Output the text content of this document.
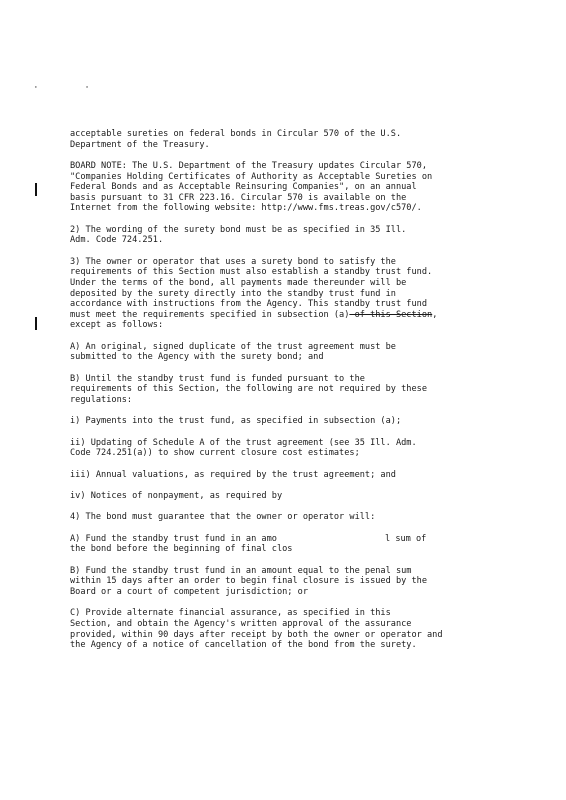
∙ ∙
acceptable sureties on federal bonds in Circular 570 of the U.S.
Department of the Treasury.
BOARD NOTE: The U.S. Department of the Treasury updates Circular 570,
"Companies Holding Certificates of Authority as Acceptable Sureties on
Federal Bonds and as Acceptable Reinsuring Companies", on an annual
basis pursuant to 31 CFR 223.16. Circular 570 is available on the
Internet from the following website: http://www.fms.treas.gov/c570/.
2) The wording of the surety bond must be as specified in 35 Ill.
Adm. Code 724.251.
3) The owner or operator that uses a surety bond to satisfy the
requirements of this Section must also establish a standby trust fund.
Under the terms of the bond, all payments made thereunder will be
deposited by the surety directly into the standby trust fund in
accordance with instructions from the Agency. This standby trust fund
must meet the requirements specified in subsection (a) of this Section,
except as follows:
A) An original, signed duplicate of the trust agreement must be
submitted to the Agency with the surety bond; and
B) Until the standby trust fund is funded pursuant to the
requirements of this Section, the following are not required by these
regulations:
i) Payments into the trust fund, as specified in subsection (a);
ii) Updating of Schedule A of the trust agreement (see 35 Ill. Adm.
Code 724.251(a)) to show current closure cost estimates;
iii) Annual valuations, as required by the trust agreement; and
iv) Notices of nonpayment, as required by
4) The bond must guarantee that the owner or operator will:
A) Fund the standby trust fund in an amo	l sum of
the bond before the beginning of final clos
B) Fund the standby trust fund in an amount equal to the penal sum
within 15 days after an order to begin final closure is issued by the
Board or a court of competent jurisdiction; or
C) Provide alternate financial assurance, as specified in this
Section, and obtain the Agency's written approval of the assurance
provided, within 90 days after receipt by both the owner or operator and
the Agency of a notice of cancellation of the bond from the surety.
